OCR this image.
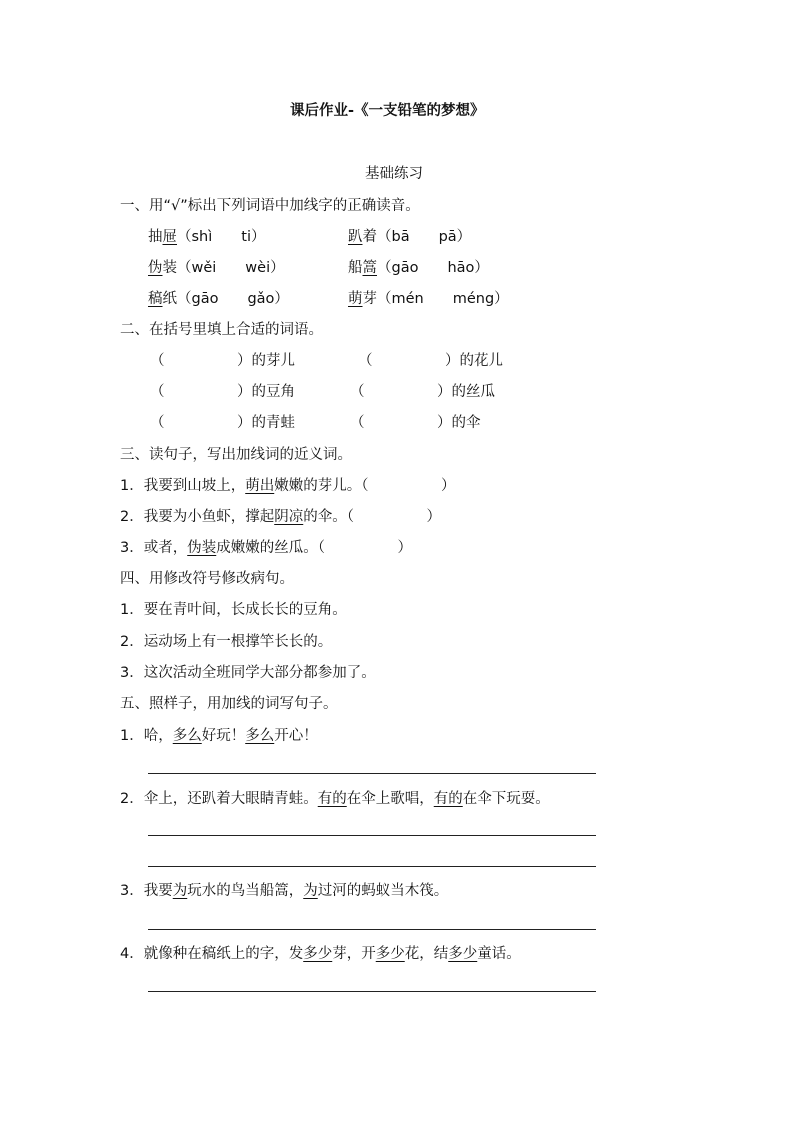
课后作业-《一支铅笔的梦想》
基础练习
一、用“√”标出下列词语中加线字的正确读音。
抽屉（shì　　ti）	趴着（bā　　pā）
伪装（wěi　　wèi）	船篙（gāo　　hāo）
稿纸（gāo　　gǎo）	萌芽（mén　　méng）
二、在括号里填上合适的词语。
（　　　　　）的芽儿	（　　　　　）的花儿
（　　　　　）的豆角	（　　　　　）的丝瓜
（　　　　　）的青蛙	（　　　　　）的伞
三、读句子，写出加线词的近义词。
1．我要到山坡上，萌出嫩嫩的芽儿。（　　　　　）
2．我要为小鱼虾，撑起阴凉的伞。（　　　　　）
3．或者，伪装成嫩嫩的丝瓜。（　　　　　）
四、用修改符号修改病句。
1．要在青叶间，长成长长的豆角。
2．运动场上有一根撑竿长长的。
3．这次活动全班同学大部分都参加了。
五、照样子，用加线的词写句子。
1．哈，多么好玩！多么开心！
2．伞上，还趴着大眼睛青蛙。有的在伞上歌唱，有的在伞下玩耍。
3．我要为玩水的鸟当船篙，为过河的蚂蚁当木筏。
4．就像种在稿纸上的字，发多少芽，开多少花，结多少童话。
